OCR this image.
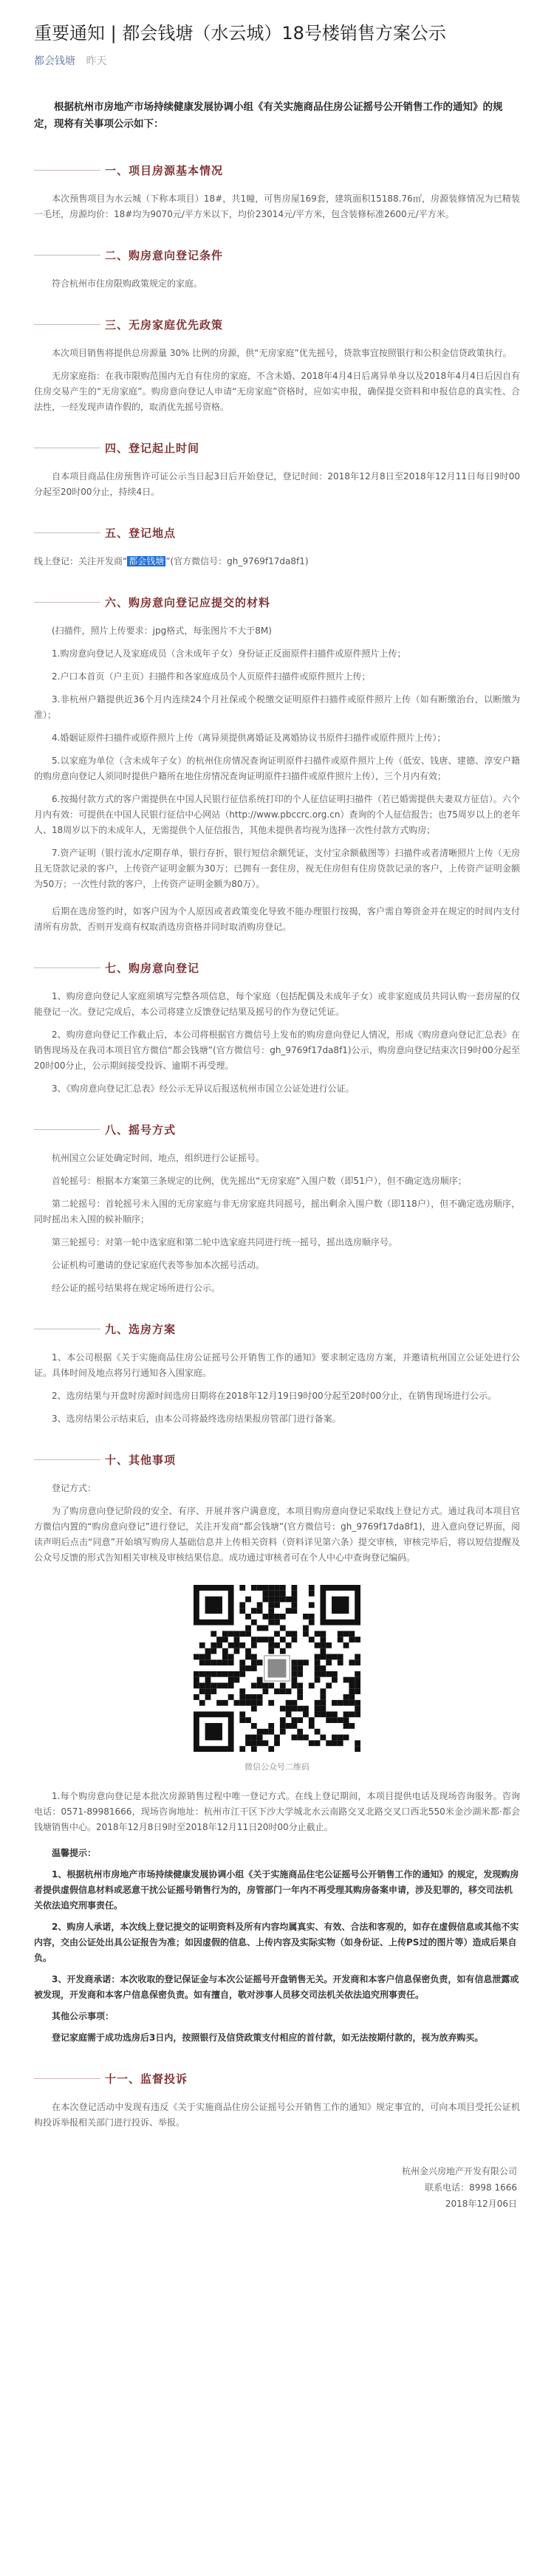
重要通知 | 都会钱塘（水云城）18号楼销售方案公示
都会钱塘 昨天

根据杭州市房地产市场持续健康发展协调小组《有关实施商品住房公证摇号公开销售工作的通知》的规定，现将有关事项公示如下：

一、项目房源基本情况

本次预售项目为水云城（下称本项目）18#，共1幢，可售房屋169套，建筑面积15188.76㎡，房源装修情况为已精装一毛坯，房源均价：18#均为9070元/平方米以下，均价23014元/平方米，包含装修标准2600元/平方米。

二、购房意向登记条件

符合杭州市住房限购政策规定的家庭。

三、无房家庭优先政策

本次项目销售将提供总房源量 30% 比例的房源，供“无房家庭”优先摇号，贷款事宜按照银行和公积金信贷政策执行。

无房家庭指：在我市限购范围内无自有住房的家庭，不含未婚、2018年4月4日后离异单身以及2018年4月4日后因自有住房交易产生的“无房家庭”。购房意向登记人申请“无房家庭”资格时，应如实申报，确保提交资料和申报信息的真实性、合法性，一经发现声请作假的，取消优先摇号资格。

四、登记起止时间

自本项目商品住房预售许可证公示当日起3日后开始登记，登记时间：2018年12月8日至2018年12月11日每日9时00分起至20时00分止，持续4日。

五、登记地点

线上登记：关注开发商“ 都会钱塘 ”(官方微信号：gh_9769f17da8f1)

六、购房意向登记应提交的材料

(扫描件，照片上传要求：jpg格式，每张图片不大于8M)

1.购房意向登记人及家庭成员（含未成年子女）身份证正反面原件扫描件或原件照片上传；

2.户口本首页（户主页）扫描件和各家庭成员个人页原件扫描件或原件照片上传；

3.非杭州户籍提供近36个月内连续24个月社保或个税缴交证明原件扫描件或原件照片上传（如有断缴治台，以断缴为准）；

4.婚姻证原件扫描件或原件照片上传（离异须提供离婚证及离婚协议书原件扫描件或原件照片上传）；

5.以家庭为单位（含未成年子女）的杭州住房情况查询证明原件扫描件或原件照片上传（低安、钱唐、建德、淳安户籍的购房意向登记人须同时提供户籍所在地住房情况查询证明原件扫描件或原件照片上传），三个月内有效；

6.按揭付款方式的客户需提供在中国人民银行征信系统打印的个人征信证明扫描件（若已婚需提供夫妻双方征信）。六个月内有效：可提供在中国人民银行征信中心网站（http://www.pbccrc.org.cn）查询的个人征信报告；也75周岁以上的老年人、18周岁以下的未成年人，无需提供个人征信报告，其他未提供者均视为选择一次性付款方式购房；

7.资产证明（银行流水/定期存单，银行存折，银行短信余额凭证，支付宝余额截图等）扫描件或者清晰照片上传（无房且无贷款记录的客户，上传资产证明金额为30万；已拥有一套住房，视无住房但有住房贷款记录的客户，上传资产证明金额为50万；一次性付款的客户，上传资产证明金额为80万）。

后期在选房签约时，如客户因为个人原因或者政策变化导致不能办理银行按揭，客户需自筹资金并在规定的时间内支付清所有房款，否则开发商有权取消选房资格并同时取消购房登记。

七、购房意向登记

1、购房意向登记人家庭须填写完整各项信息，每个家庭（包括配偶及未成年子女）或非家庭成员共同认购一套房屋的仅能登记一次。登记完成后，本公司将建立反馈登记结果及摇号的作为登记凭证。

2、购房意向登记工作截止后，本公司将根据官方微信号上发布的购房意向登记人情况，形成《购房意向登记汇总表》在销售现场及在我司本项目官方微信“都会钱塘”(官方微信号：gh_9769f17da8f1)公示，购房意向登记结束次日9时00分起至20时00分止，公示期间接受投诉、逾期不再受理。

3、《购房意向登记汇总表》经公示无异议后报送杭州市国立公证处进行公证。

八、摇号方式

杭州国立公证处确定时间、地点，组织进行公证摇号。

首轮摇号：根据本方案第三条规定的比例，优先摇出“无房家庭”入围户数（即51户），但不确定选房顺序；

第二轮摇号：首轮摇号未入围的无房家庭与非无房家庭共同摇号，摇出剩余入围户数（即118户），但不确定选房顺序，同时摇出未入围的候补顺序；

第三轮摇号：对第一轮中选家庭和第二轮中选家庭共同进行统一摇号，摇出选房顺序号。

公证机构可邀请的登记家庭代表等参加本次摇号活动。

经公证的摇号结果将在规定场所进行公示。

九、选房方案

1、本公司根据《关于实施商品住房公证摇号公开销售工作的通知》要求制定选房方案，并邀请杭州国立公证处进行公证。具体时间及地点将另行通知各入围家庭。

2、选房结果与开盘时房源时间选房日期将在2018年12月19日9时00分起至20时00分止，在销售现场进行公示。

3、选房结果公示结束后，由本公司将最终选房结果报房管部门进行备案。

十、其他事项

登记方式：

为了购房意向登记阶段的安全、有序、开展并客户满意度，本项目购房意向登记采取线上登记方式。通过我司本项目官方微信内置的“购房意向登记”进行登记，关注开发商“都会钱塘”(官方微信号：gh_9769f17da8f1)，进入意向登记界面，阅读声明后点击“同意”开始填写购房人基础信息并上传相关资料（资料详见第六条）提交审核，审核完毕后，将以短信提醒及公众号反馈的形式告知相关审核及审核结果信息。成功通过审核者可在个人中心中查询登记编码。

微信公众号二维码

1.每个购房意向登记是本批次房源销售过程中唯一登记方式。在线上登记期间，本项目提供电话及现场咨询服务。咨询电话：0571-89981666，现场咨询地址：杭州市江干区下沙大学城北水云南路交叉北路交叉口西北550米金沙湖米都·都会钱塘销售中心。2018年12月8日9时至2018年12月11日20时00分止截止。

温馨提示：

1、根据杭州市房地产市场持续健康发展协调小组《关于实施商品住宅公证摇号公开销售工作的通知》的规定，发现购房者提供虚假信息材料或恶意干扰公证摇号销售行为的，房管部门一年内不再受理其购房备案申请，涉及犯罪的，移交司法机关依法追究刑事责任。

2、购房人承诺，本次线上登记提交的证明资料及所有内容均属真实、有效、合法和客观的，如存在虚假信息或其他不实内容，交由公证处出具公证报告为准；如因虚假的信息、上传内容及实际实物（如身份证、上传PS过的图片等）造成后果自负。

3、开发商承诺：本次收取的登记保证金与本次公证摇号开盘销售无关。开发商和本客户信息保密负责，如有信息泄露或被发现，开发商和本客户信息保密负责。如有擅自，敬对涉事人员移交司法机关依法追究刑事责任。

其他公示事项：

登记家庭需于成功选房后3日内，按照银行及信贷政策支付相应的首付款，如无法按期付款的，视为放弃购买。

十一、监督投诉

在本次登记活动中发现有违反《关于实施商品住房公证摇号公开销售工作的通知》规定事宜的，可向本项目受托公证机构投诉举报相关部门进行投诉、举报。

杭州金兴房地产开发有限公司
联系电话：8998 1666
2018年12月06日
